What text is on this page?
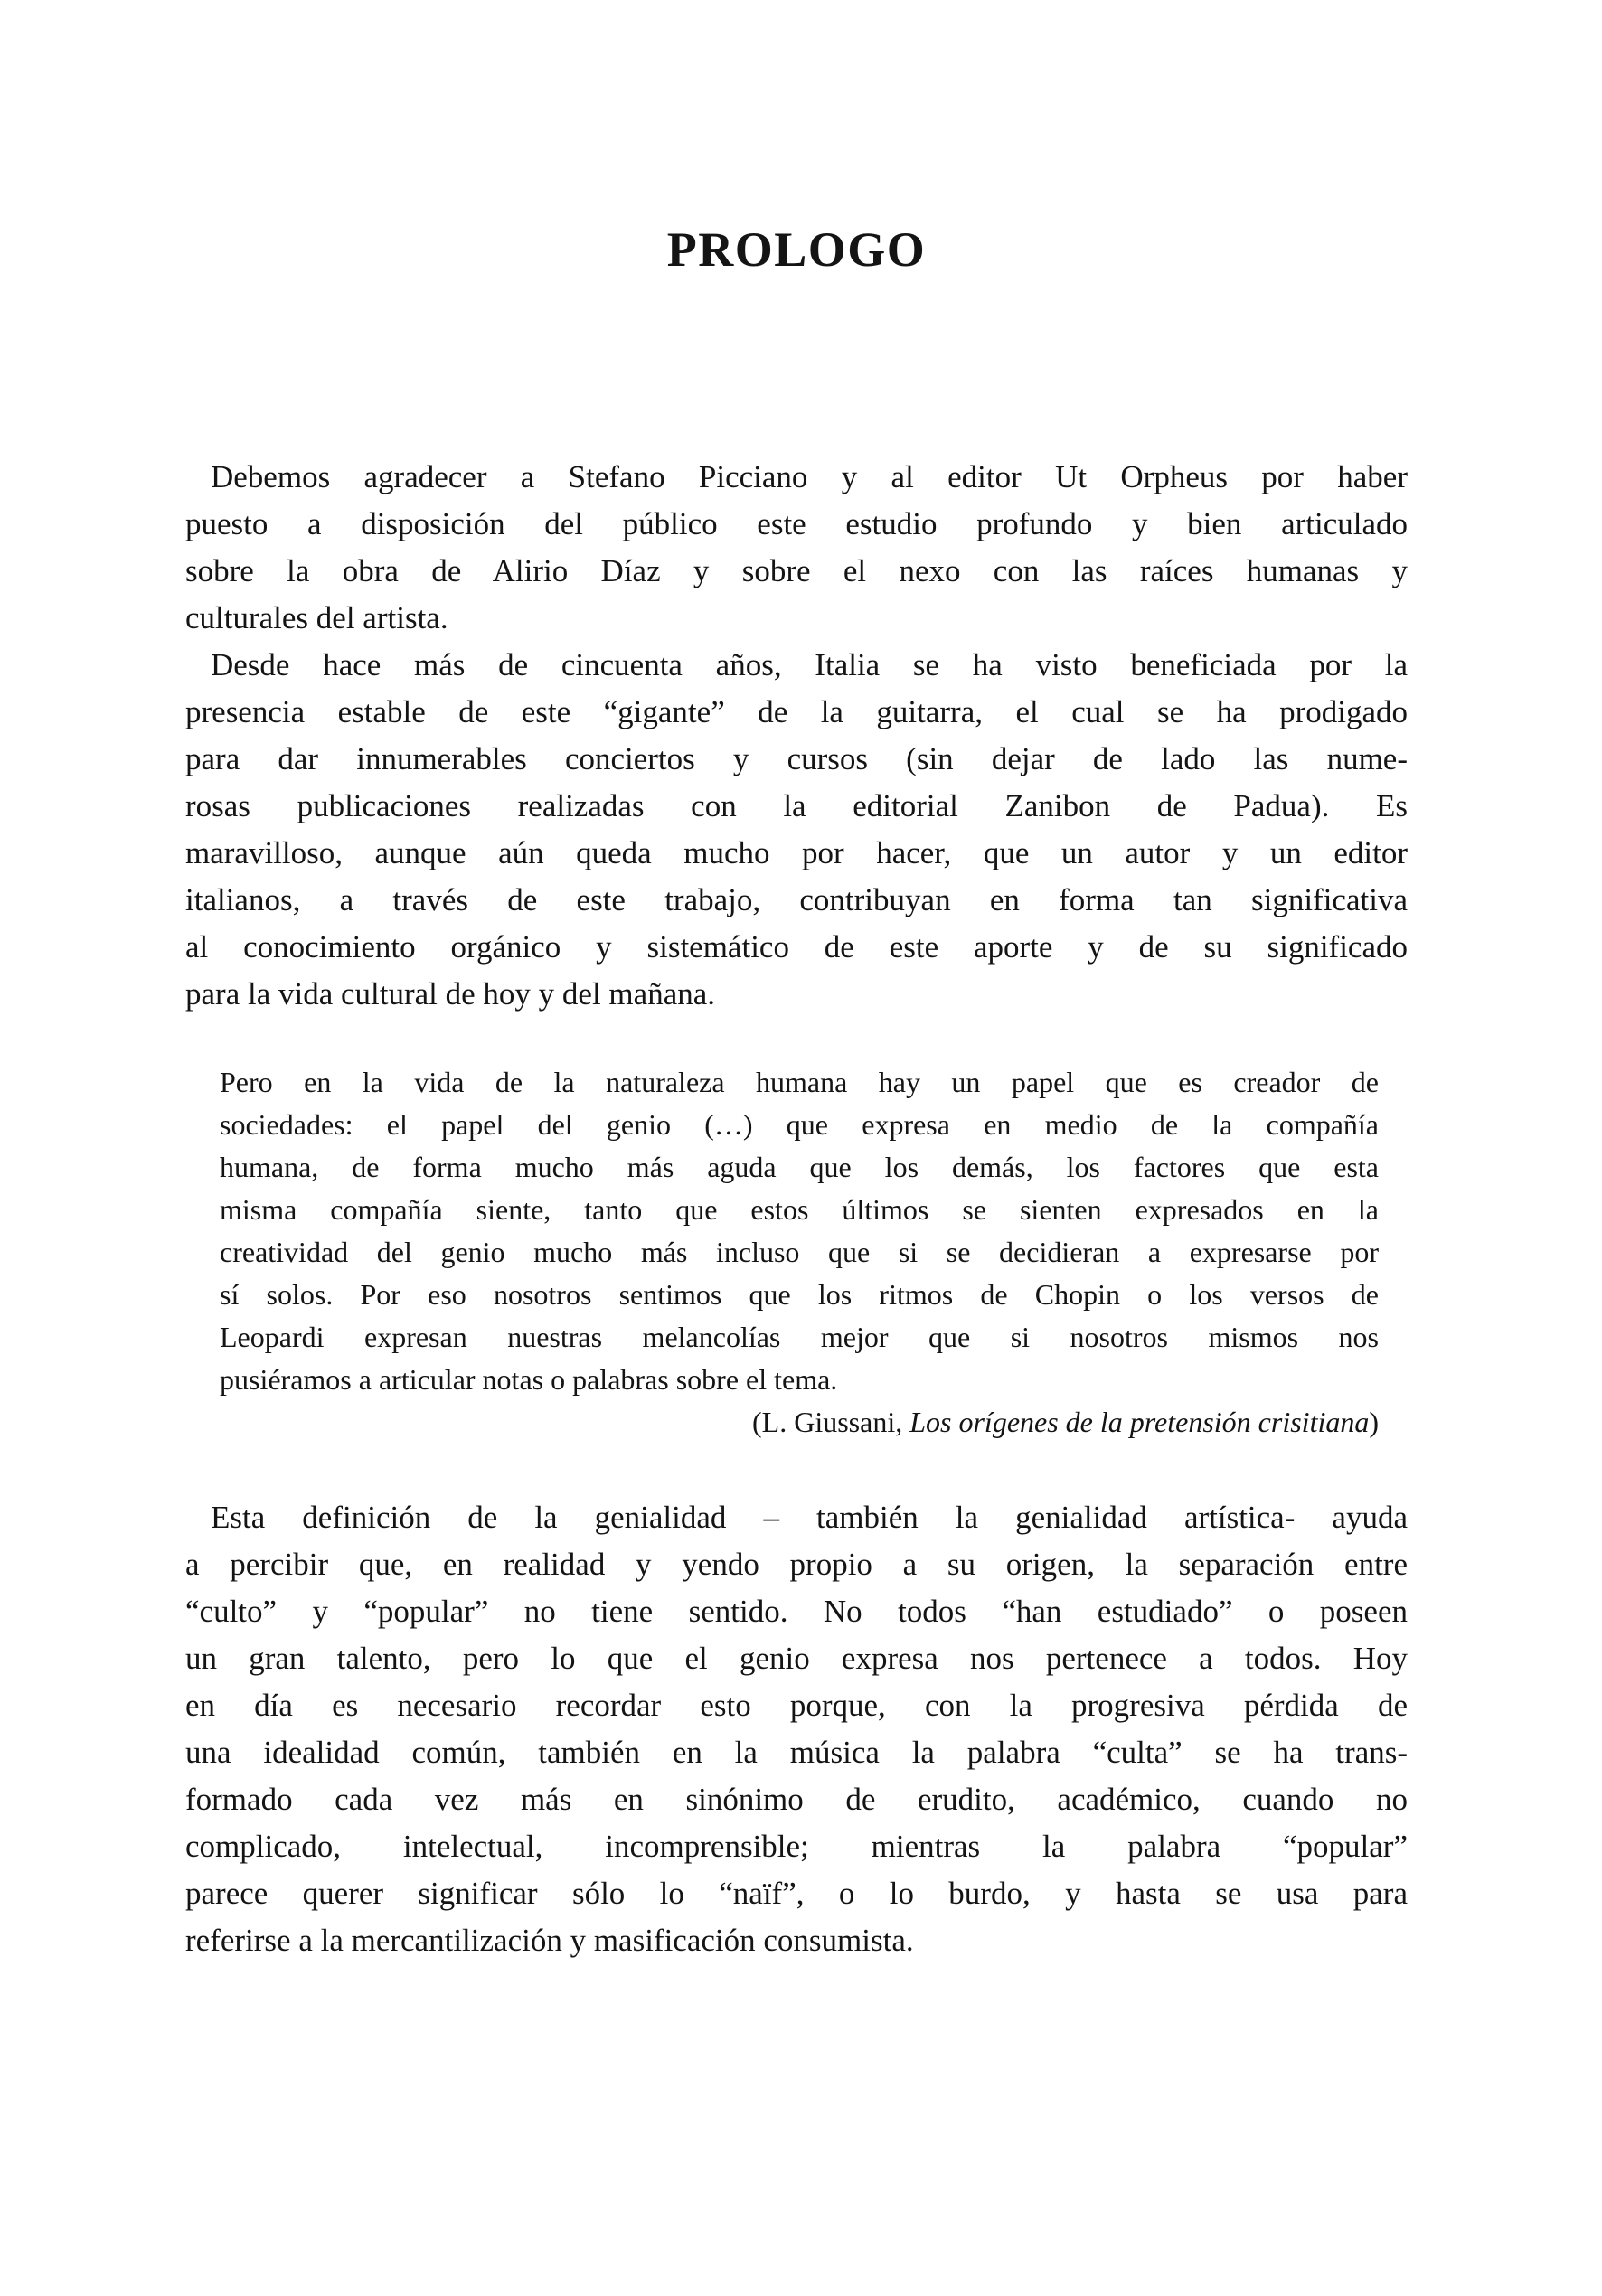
PROLOGO
Debemos agradecer a Stefano Picciano y al editor Ut Orpheus por haber
puesto a disposición del público este estudio profundo y bien articulado
sobre la obra de Alirio Díaz y sobre el nexo con las raíces humanas y
culturales del artista.
Desde hace más de cincuenta años, Italia se ha visto beneficiada por la
presencia estable de este “gigante” de la guitarra, el cual se ha prodigado
para dar innumerables conciertos y cursos (sin dejar de lado las nume-
rosas publicaciones realizadas con la editorial Zanibon de Padua). Es
maravilloso, aunque aún queda mucho por hacer, que un autor y un editor
italianos, a través de este trabajo, contribuyan en forma tan significativa
al conocimiento orgánico y sistemático de este aporte y de su significado
para la vida cultural de hoy y del mañana.
Pero en la vida de la naturaleza humana hay un papel que es creador de
sociedades: el papel del genio (…) que expresa en medio de la compañía
humana, de forma mucho más aguda que los demás, los factores que esta
misma compañía siente, tanto que estos últimos se sienten expresados en la
creatividad del genio mucho más incluso que si se decidieran a expresarse por
sí solos. Por eso nosotros sentimos que los ritmos de Chopin o los versos de
Leopardi expresan nuestras melancolías mejor que si nosotros mismos nos
pusiéramos a articular notas o palabras sobre el tema.
(L. Giussani, Los orígenes de la pretensión crisitiana)
Esta definición de la genialidad – también la genialidad artística- ayuda
a percibir que, en realidad y yendo propio a su origen, la separación entre
“culto” y “popular” no tiene sentido. No todos “han estudiado” o poseen
un gran talento, pero lo que el genio expresa nos pertenece a todos. Hoy
en día es necesario recordar esto porque, con la progresiva pérdida de
una idealidad común, también en la música la palabra “culta” se ha trans-
formado cada vez más en sinónimo de erudito, académico, cuando no
complicado, intelectual, incomprensible; mientras la palabra “popular”
parece querer significar sólo lo “naïf”, o lo burdo, y hasta se usa para
referirse a la mercantilización y masificación consumista.
